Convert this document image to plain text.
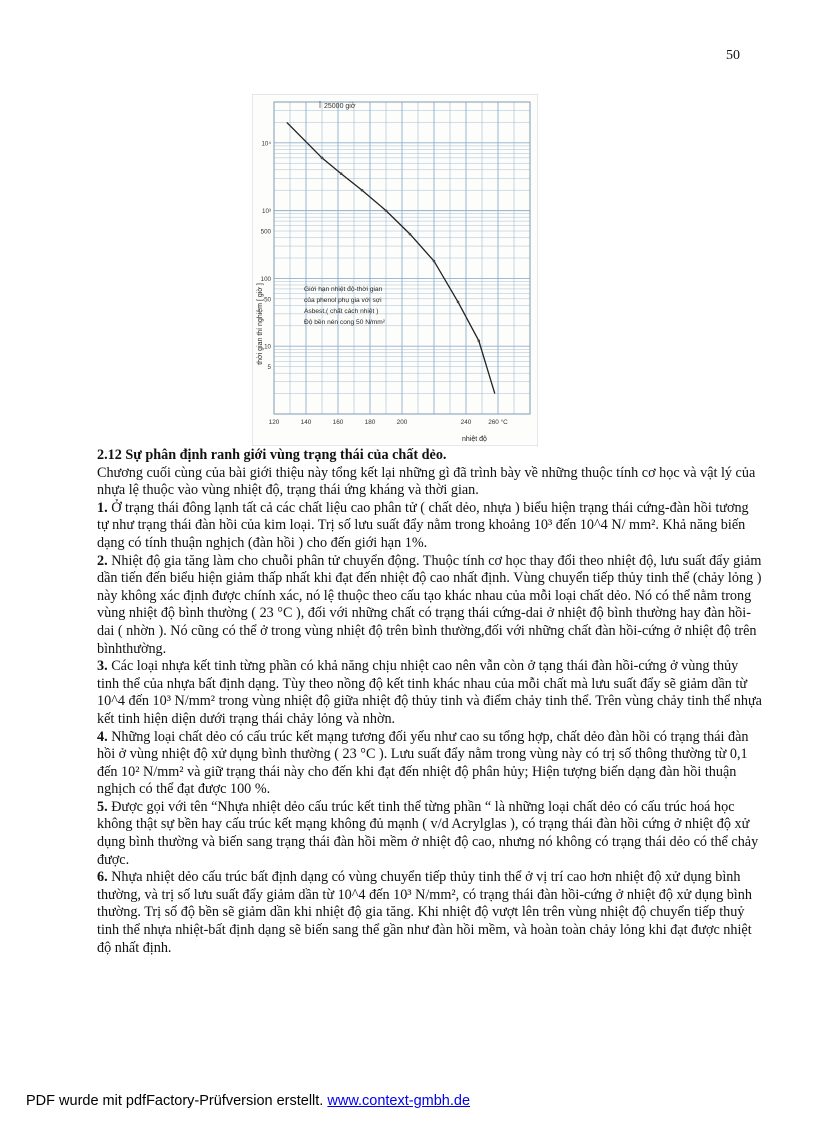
50
10⁴
10³
500
100
50
10
5
120	140	160	180	200	240	260 °C
25000 giờ
Giới hạn nhiệt độ-thời gian
của phenol phụ gia với sợi
Asbest.( chất cách nhiệt )
Độ bền nén cong 50 N/mm²
thời gian thí nghiệm [ giờ ]
nhiệt độ

2.12 Sự phân định ranh giới vùng trạng thái của chất dẻo.

Chương cuối cùng của bài giới thiệu này tổng kết lại những gì đã trình bày về những thuộc tính cơ học và vật lý của nhựa lệ thuộc vào vùng nhiệt độ, trạng thái ứng kháng và thời gian.

1. Ở trạng thái đông lạnh tất cả các chất liệu cao phân tử ( chất dẻo, nhựa ) biểu hiện trạng thái cứng-đàn hồi tương tự như trạng thái đàn hồi của kim loại. Trị số lưu suất đẩy nằm trong khoảng 10³ đến 10^4 N/ mm². Khả năng biến dạng có tính thuận nghịch (đàn hồi ) cho đến giới hạn 1%.

2. Nhiệt độ gia tăng làm cho chuỗi phân tử chuyển động. Thuộc tính cơ học thay đổi theo nhiệt độ, lưu suất đẩy giảm dần tiến đến biểu hiện giảm thấp nhất khi đạt đến nhiệt độ cao nhất định. Vùng chuyển tiếp thủy tinh thể (chảy lỏng ) này không xác định được chính xác, nó lệ thuộc theo cấu tạo khác nhau của mỗi loại chất dẻo. Nó có thể nằm trong vùng nhiệt độ bình thường ( 23 °C ), đối với những chất có trạng thái cứng-dai ở nhiệt độ bình thường hay đàn hồi-dai ( nhờn ). Nó cũng có thể ở trong vùng nhiệt độ trên bình thường,đối với những chất đàn hồi-cứng ở nhiệt độ trên bìnhthường.

3. Các loại nhựa kết tinh từng phần có khả năng chịu nhiệt cao nên vẫn còn ở tạng thái đàn hồi-cứng ở vùng thủy tinh thể của nhựa bất định dạng. Tùy theo nồng độ kết tinh khác nhau của mỗi chất mà lưu suất đẩy sẽ giảm dần từ 10^4 đến 10³ N/mm² trong vùng nhiệt độ giữa nhiệt độ thủy tinh và điểm chảy tinh thể. Trên vùng chảy tinh thể nhựa kết tinh hiện diện dưới trạng thái chảy lỏng và nhờn.

4. Những loại chất dẻo có cấu trúc kết mạng tương đối yếu như cao su tổng hợp, chất dẻo đàn hồi có trạng thái đàn hồi ở vùng nhiệt độ xử dụng bình thường ( 23 °C ). Lưu suất đẩy nằm trong vùng này có trị số thông thường từ 0,1 đến 10² N/mm² và giữ trạng thái này cho đến khi đạt đến nhiệt độ phân hủy; Hiện tượng biến dạng đàn hồi thuận nghịch có thể đạt được 100 %.

5. Được gọi với tên “Nhựa nhiệt dẻo cấu trúc kết tinh thể từng phần “ là những loại chất dẻo có cấu trúc hoá học không thật sự bền hay cấu trúc kết mạng không đủ mạnh ( v/d Acrylglas ), có trạng thái đàn hồi cứng ở nhiệt độ xử dụng bình thường và biến sang trạng thái đàn hồi mềm ở nhiệt độ cao, nhưng nó không có trạng thái dẻo có thể chảy được.

6. Nhựa nhiệt dẻo cấu trúc bất định dạng có vùng chuyển tiếp thủy tinh thể ở vị trí cao hơn nhiệt độ xử dụng bình thường, và trị số lưu suất đẩy giảm dần từ 10^4 đến 10³ N/mm², có trạng thái đàn hồi-cứng ở nhiệt độ xử dụng bình thường. Trị số độ bền sẽ giảm dần khi nhiệt độ gia tăng. Khi nhiệt độ vượt lên trên vùng nhiệt độ chuyển tiếp thuỷ tinh thể nhựa nhiệt-bất định dạng sẽ biến sang thể gần như đàn hồi mềm, và hoàn toàn chảy lỏng khi đạt được nhiệt độ nhất định.

PDF wurde mit pdfFactory-Prüfversion erstellt. www.context-gmbh.de
